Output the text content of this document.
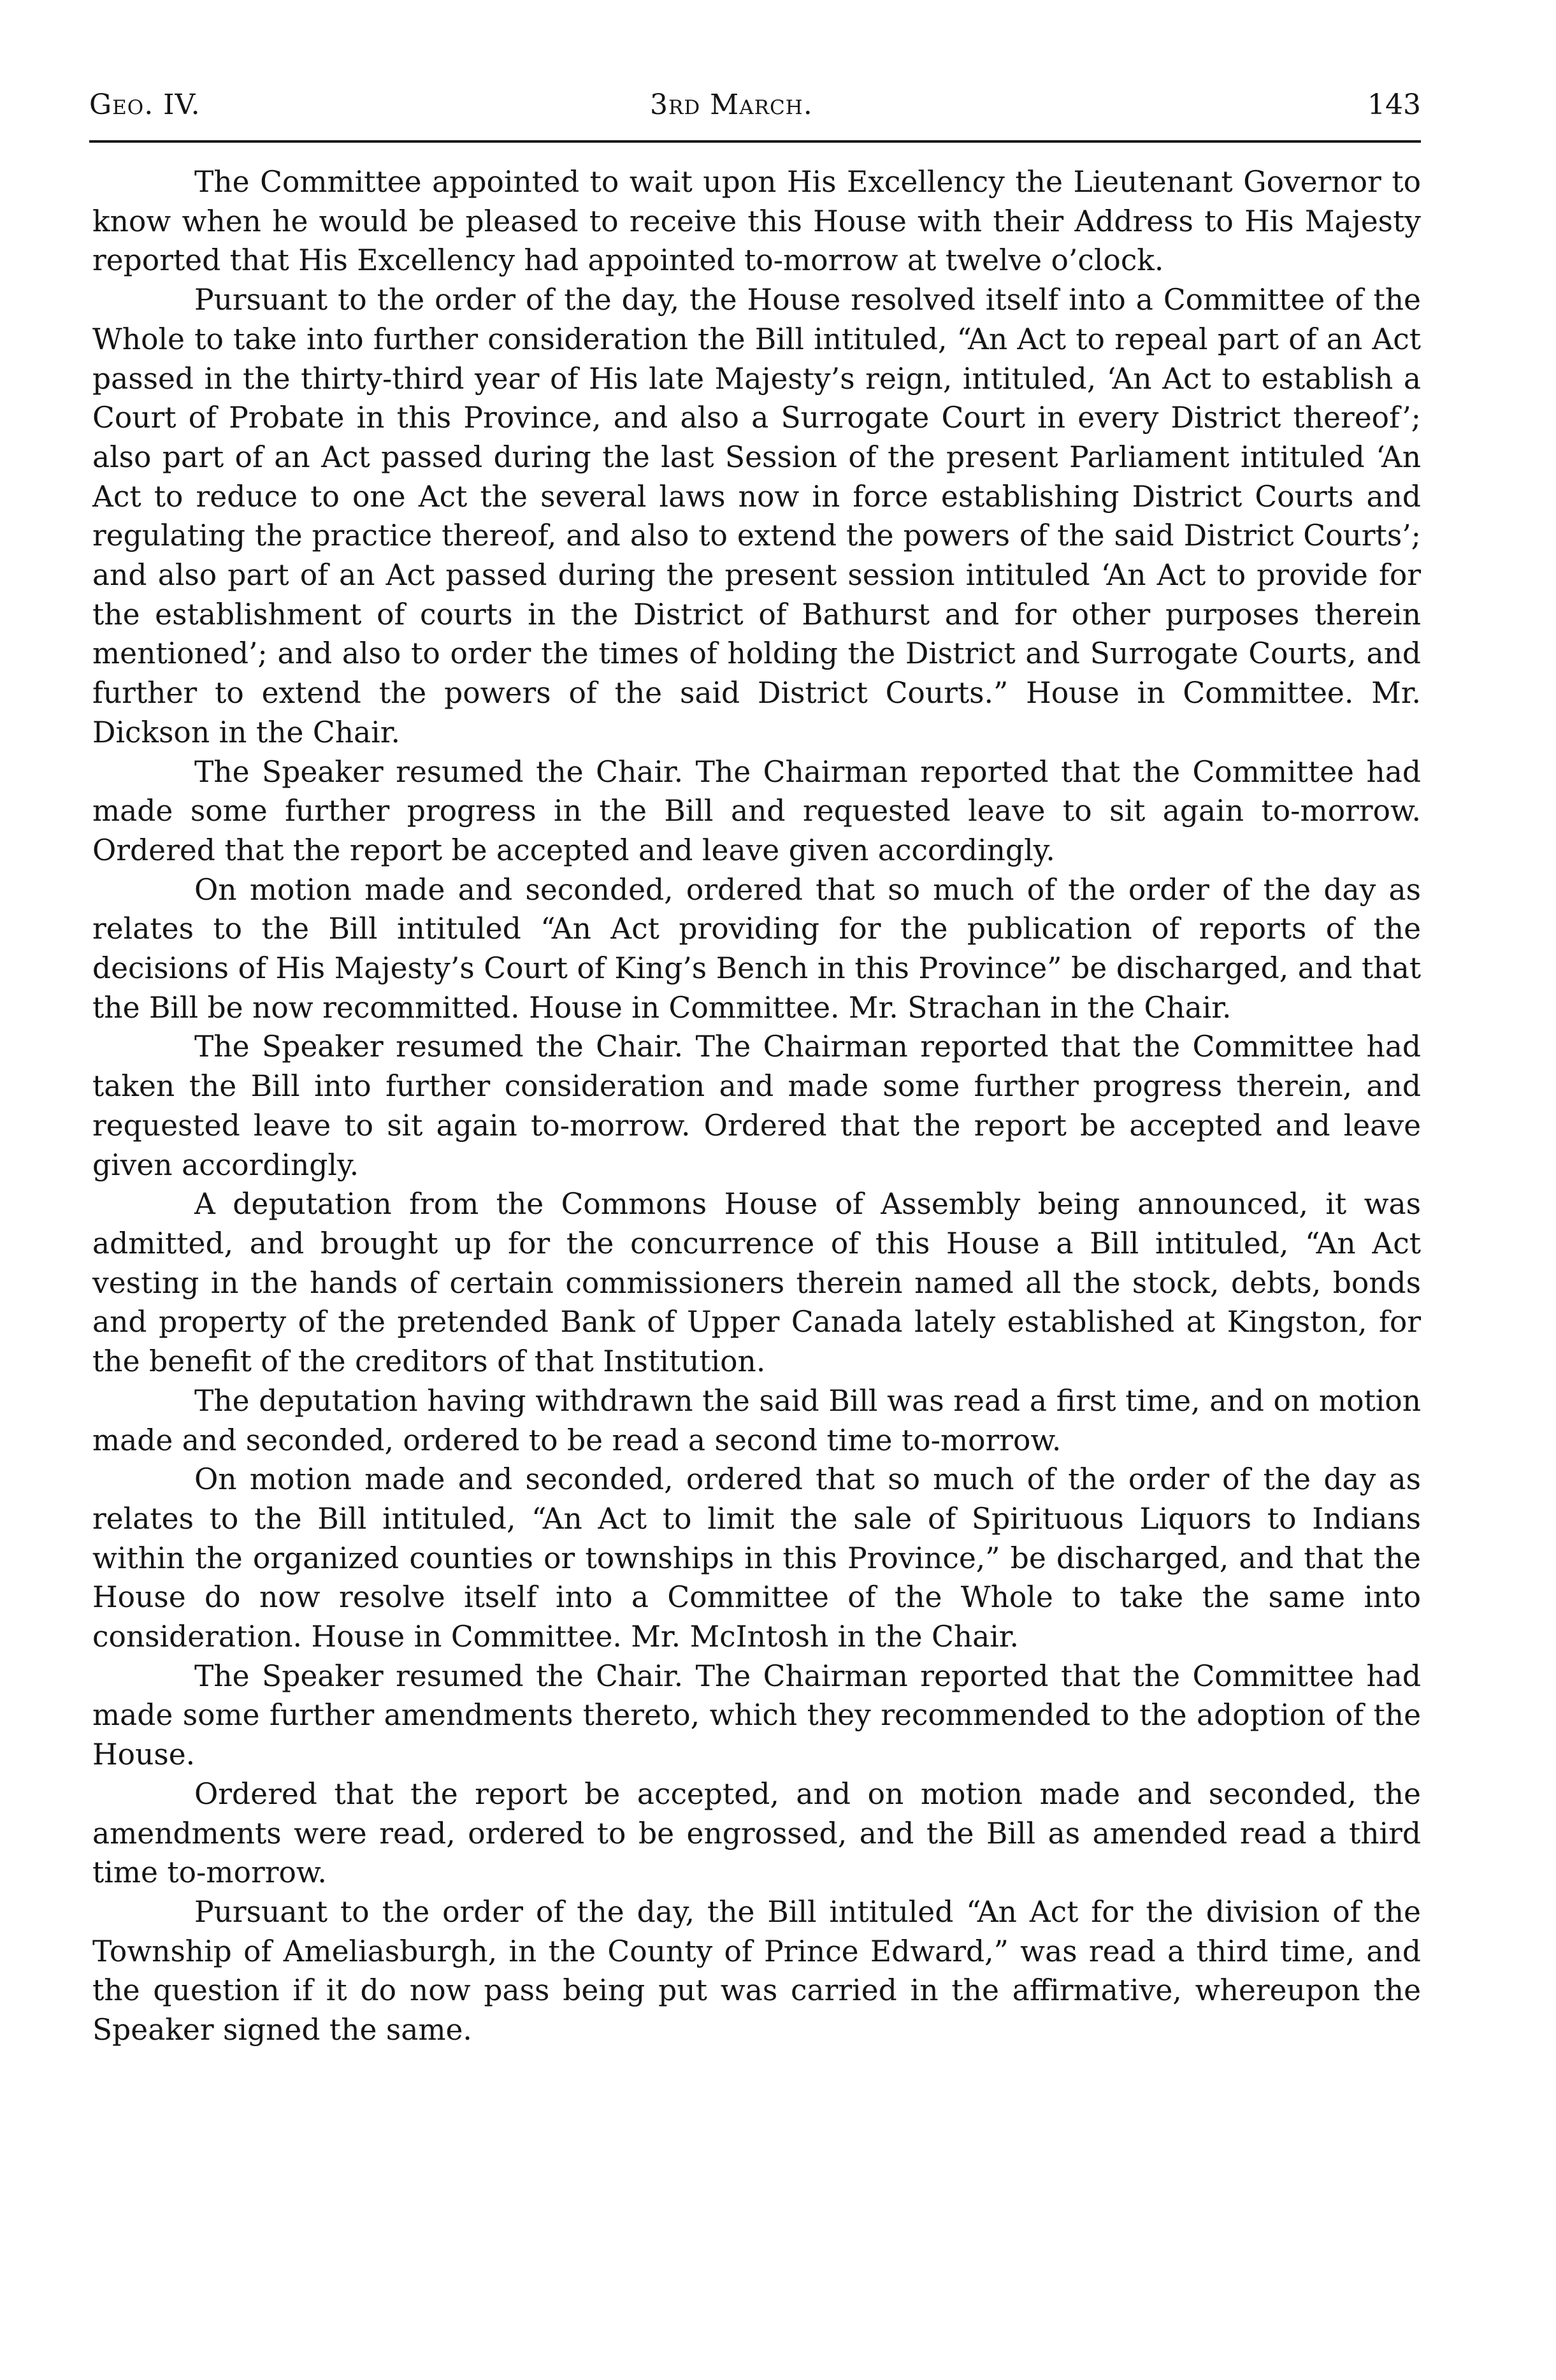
Geo. IV.	3rd March.	143

The Committee appointed to wait upon His Excellency the Lieutenant Governor to know when he would be pleased to receive this House with their Address to His Majesty reported that His Excellency had appointed to-morrow at twelve o’clock.

Pursuant to the order of the day, the House resolved itself into a Committee of the Whole to take into further consideration the Bill intituled, “An Act to repeal part of an Act passed in the thirty-third year of His late Majesty’s reign, intituled, ‘An Act to establish a Court of Probate in this Province, and also a Surrogate Court in every District thereof’; also part of an Act passed during the last Session of the present Parliament intituled ‘An Act to reduce to one Act the several laws now in force establishing District Courts and regulating the practice thereof, and also to extend the powers of the said District Courts’; and also part of an Act passed during the present session intituled ‘An Act to provide for the establishment of courts in the District of Bathurst and for other purposes therein mentioned’; and also to order the times of holding the District and Surrogate Courts, and further to extend the powers of the said District Courts.” House in Committee. Mr. Dickson in the Chair.

The Speaker resumed the Chair. The Chairman reported that the Committee had made some further progress in the Bill and requested leave to sit again to-morrow. Ordered that the report be accepted and leave given accordingly.

On motion made and seconded, ordered that so much of the order of the day as relates to the Bill intituled “An Act providing for the publication of reports of the decisions of His Majesty’s Court of King’s Bench in this Province” be discharged, and that the Bill be now recommitted. House in Committee. Mr. Strachan in the Chair.

The Speaker resumed the Chair. The Chairman reported that the Committee had taken the Bill into further consideration and made some further progress therein, and requested leave to sit again to-morrow. Ordered that the report be accepted and leave given accordingly.

A deputation from the Commons House of Assembly being announced, it was admitted, and brought up for the concurrence of this House a Bill intituled, “An Act vesting in the hands of certain commissioners therein named all the stock, debts, bonds and property of the pretended Bank of Upper Canada lately established at Kingston, for the benefit of the creditors of that Institution.

The deputation having withdrawn the said Bill was read a first time, and on motion made and seconded, ordered to be read a second time to-morrow.

On motion made and seconded, ordered that so much of the order of the day as relates to the Bill intituled, “An Act to limit the sale of Spirituous Liquors to Indians within the organized counties or townships in this Province,” be discharged, and that the House do now resolve itself into a Committee of the Whole to take the same into consideration. House in Committee. Mr. McIntosh in the Chair.

The Speaker resumed the Chair. The Chairman reported that the Committee had made some further amendments thereto, which they recommended to the adoption of the House.

Ordered that the report be accepted, and on motion made and seconded, the amendments were read, ordered to be engrossed, and the Bill as amended read a third time to-morrow.

Pursuant to the order of the day, the Bill intituled “An Act for the division of the Township of Ameliasburgh, in the County of Prince Edward,” was read a third time, and the question if it do now pass being put was carried in the affirmative, whereupon the Speaker signed the same.
